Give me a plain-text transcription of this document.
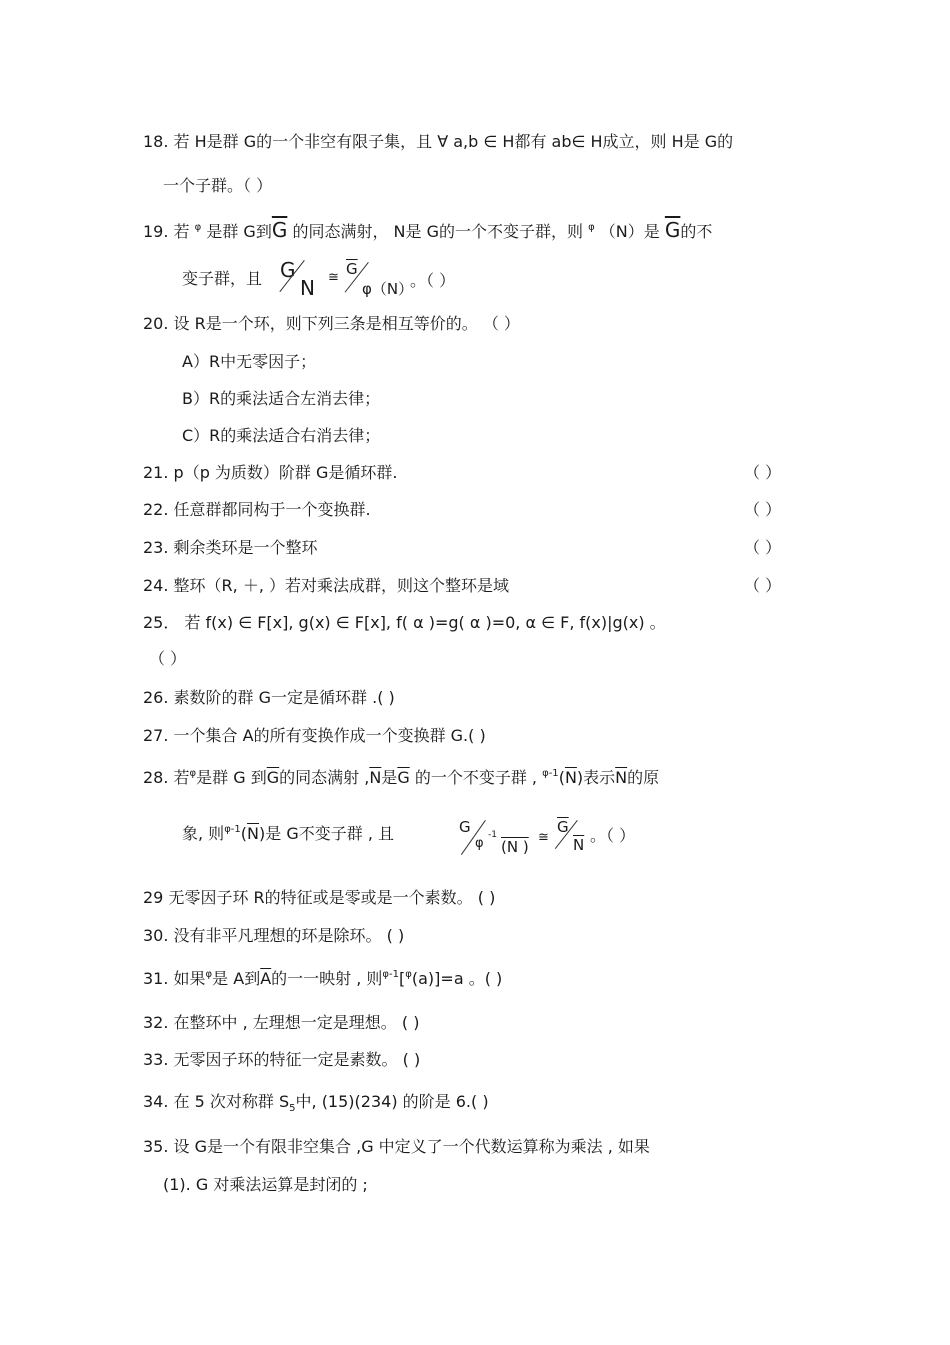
18. 若 H是群 G的一个非空有限子集，且 ∀ a,b ∈ H都有 ab∈ H成立，则 H是 G的
一个子群。（ ）
19. 若 $^\varphi$ 是群 G到$\overline{G}$ 的同态满射， N是 G的一个不变子群，则 $^\varphi$ （N）是 $\overline{G}$的不
变子群，且 G
N ≅ $\overline{G}$
φ（N）
。（ ）
20. 设 R是一个环，则下列三条是相互等价的。 （ ）
A）R中无零因子；
B）R的乘法适合左消去律；
C）R的乘法适合右消去律；
21. p（p 为质数）阶群 G是循环群.	（ ）
22. 任意群都同构于一个变换群.	（ ）
23. 剩余类环是一个整环	（ ）
24. 整环（R, ＋, ）若对乘法成群，则这个整环是域	（ ）
25． 若 f(x) ∈ F[x], g(x) ∈ F[x], f( α )=g( α )=0, α ∈ F, f(x)|g(x) 。
（ ）
26. 素数阶的群 G一定是循环群 .( )
27. 一个集合 A的所有变换作成一个变换群 G.( )
28. 若$^\varphi$是群 G 到$\overline{G}$的同态满射 $,\overline{N}$是$\overline{G}$ 的一个不变子群 , $^{\varphi-1}(\overline{N})$表示$\overline{N}$的原
象, 则$^{\varphi-1}(\overline{N})$是 G不变子群 , 且	G
φ
-1
(N )
≅
$\overline{G}$
$\overline{N}$ 。（ ）
29 无零因子环 R的特征或是零或是一个素数。 ( )
30. 没有非平凡理想的环是除环。 ( )
31. 如果$^\varphi$是 A到$\overline{A}$的一一映射 , 则$^{\varphi-1}$[$^\varphi$(a)]=a 。( )
32. 在整环中 , 左理想一定是理想。 ( )
33. 无零因子环的特征一定是素数。 ( )
34. 在 5 次对称群 $S_5$中, (15)(234) 的阶是 6.( )
35. 设 G是一个有限非空集合 ,G 中定义了一个代数运算称为乘法 , 如果
(1). G 对乘法运算是封闭的 ;
